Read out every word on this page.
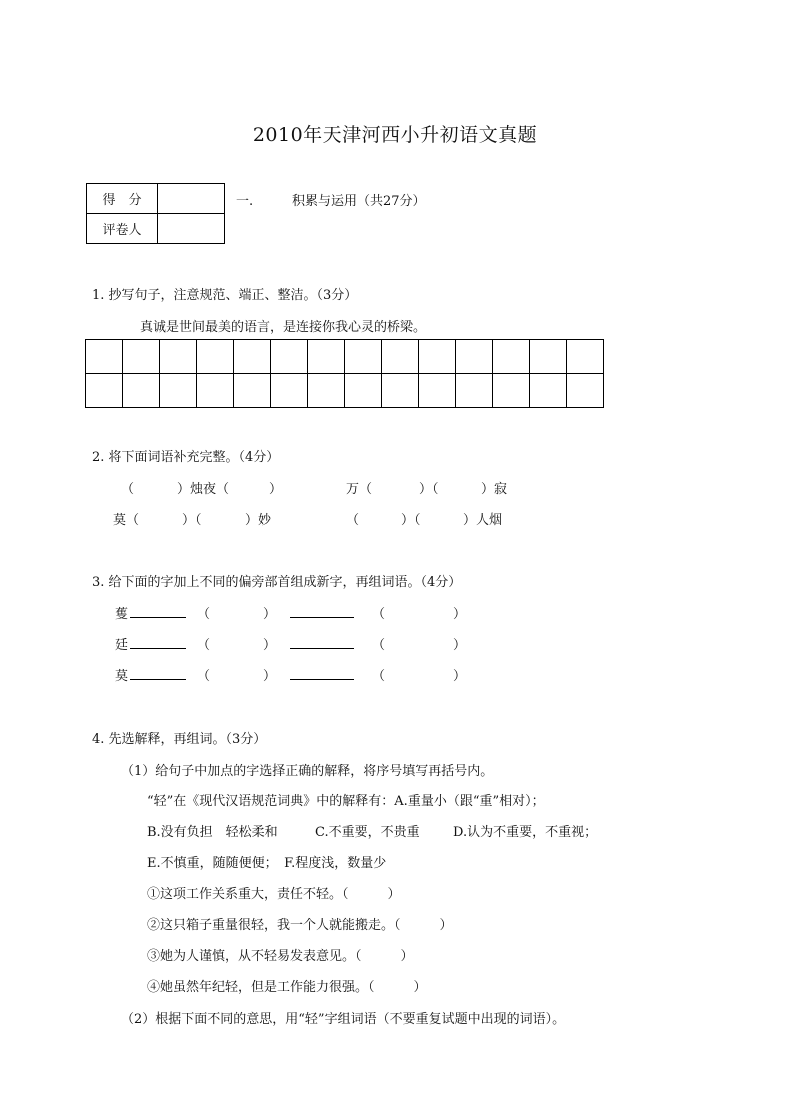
2010年天津河西小升初语文真题
得　分	
评卷人	
一.	积累与运用（共27分）
1. 抄写句子，注意规范、端正、整洁。（3分）
真诚是世间最美的语言，是连接你我心灵的桥梁。

2. 将下面词语补充完整。（4分）
（	）烛夜（	）	万（	）（	）寂
莫（	）（	）妙	（	）（	）人烟
3. 给下面的字加上不同的偏旁部首组成新字，再组词语。（4分）
蒦	（	）	（	）
廷	（	）	（	）
莫	（	）	（	）
4. 先选解释，再组词。（3分）
（1）给句子中加点的字选择正确的解释，将序号填写再括号内。
“轻”在《现代汉语规范词典》中的解释有：A.重量小（跟“重”相对）；
B.没有负担　轻松柔和	C.不重要，不贵重	D.认为不重要，不重视；
E.不慎重，随随便便；　F.程度浅，数量少
①这项工作关系重大，责任不轻。（　　　）
②这只箱子重量很轻，我一个人就能搬走。（　　　）
③她为人谨慎，从不轻易发表意见。（　　　）
④她虽然年纪轻，但是工作能力很强。（　　　）
（2）根据下面不同的意思，用“轻”字组词语（不要重复试题中出现的词语）。
